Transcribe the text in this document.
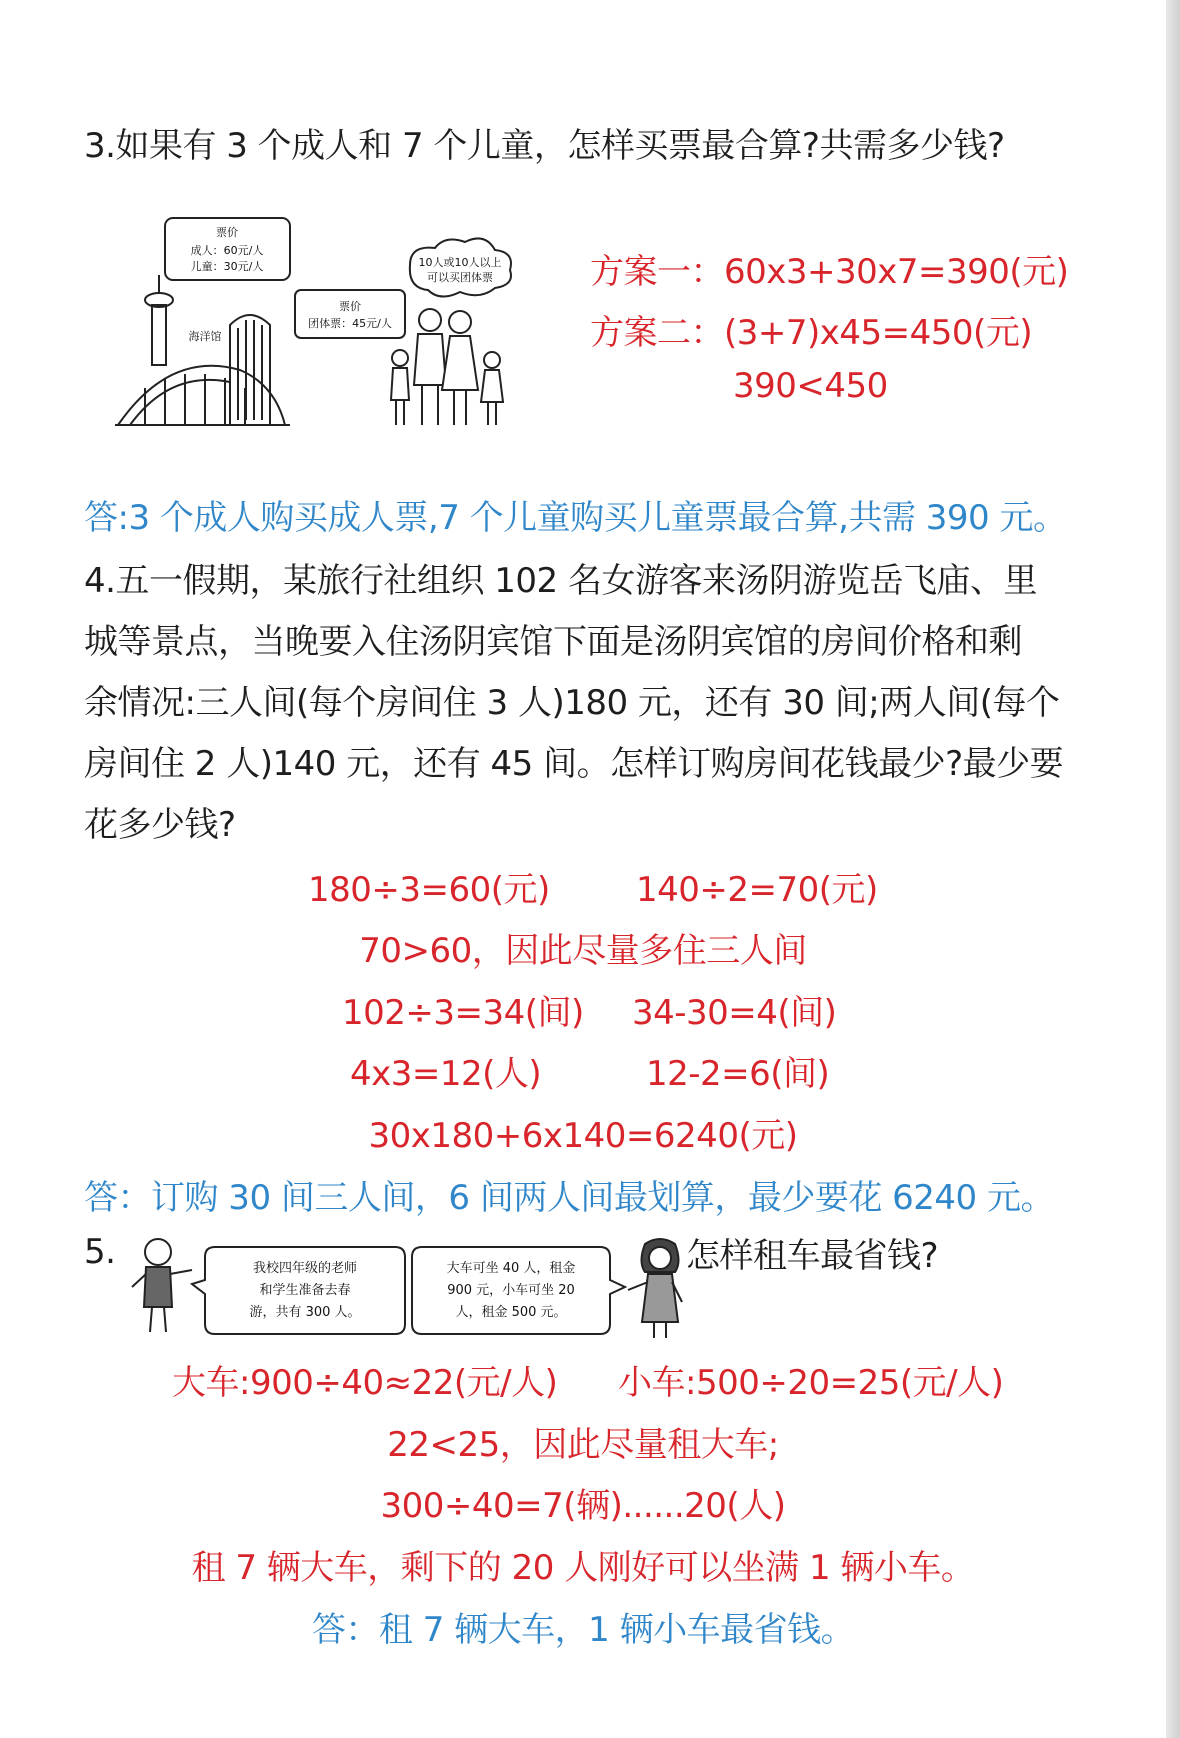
3.如果有 3 个成人和 7 个儿童，怎样买票最合算?共需多少钱?
票价
成人：60元/人
儿童：30元/人
票价
团体票：45元/人
海洋馆
10人或10人以上
可以买团体票	方案一：60x3+30x7=390(元)
方案二：(3+7)x45=450(元)
390<450
答:3 个成人购买成人票,7 个儿童购买儿童票最合算,共需 390 元。
4.五一假期，某旅行社组织 102 名女游客来汤阴游览岳飞庙、里
城等景点，当晚要入住汤阴宾馆下面是汤阴宾馆的房间价格和剩
余情况:三人间(每个房间住 3 人)180 元，还有 30 间;两人间(每个
房间住 2 人)140 元，还有 45 间。怎样订购房间花钱最少?最少要
花多少钱?
180÷3=60(元)	140÷2=70(元)
70>60，因此尽量多住三人间
102÷3=34(间) 34-30=4(间)
4x3=12(人)	12-2=6(间)
30x180+6x140=6240(元)
答：订购 30 间三人间，6 间两人间最划算，最少要花 6240 元。
5.	我校四年级的老师
和学生准备去春
游，共有 300 人。
大车可坐 40 人，租金
900 元，小车可坐 20
人，租金 500 元。
怎样租车最省钱?
大车:900÷40≈22(元/人) 小车:500÷20=25(元/人)
22<25，因此尽量租大车;
300÷40=7(辆)......20(人)
租 7 辆大车，剩下的 20 人刚好可以坐满 1 辆小车。
答：租 7 辆大车，1 辆小车最省钱。
